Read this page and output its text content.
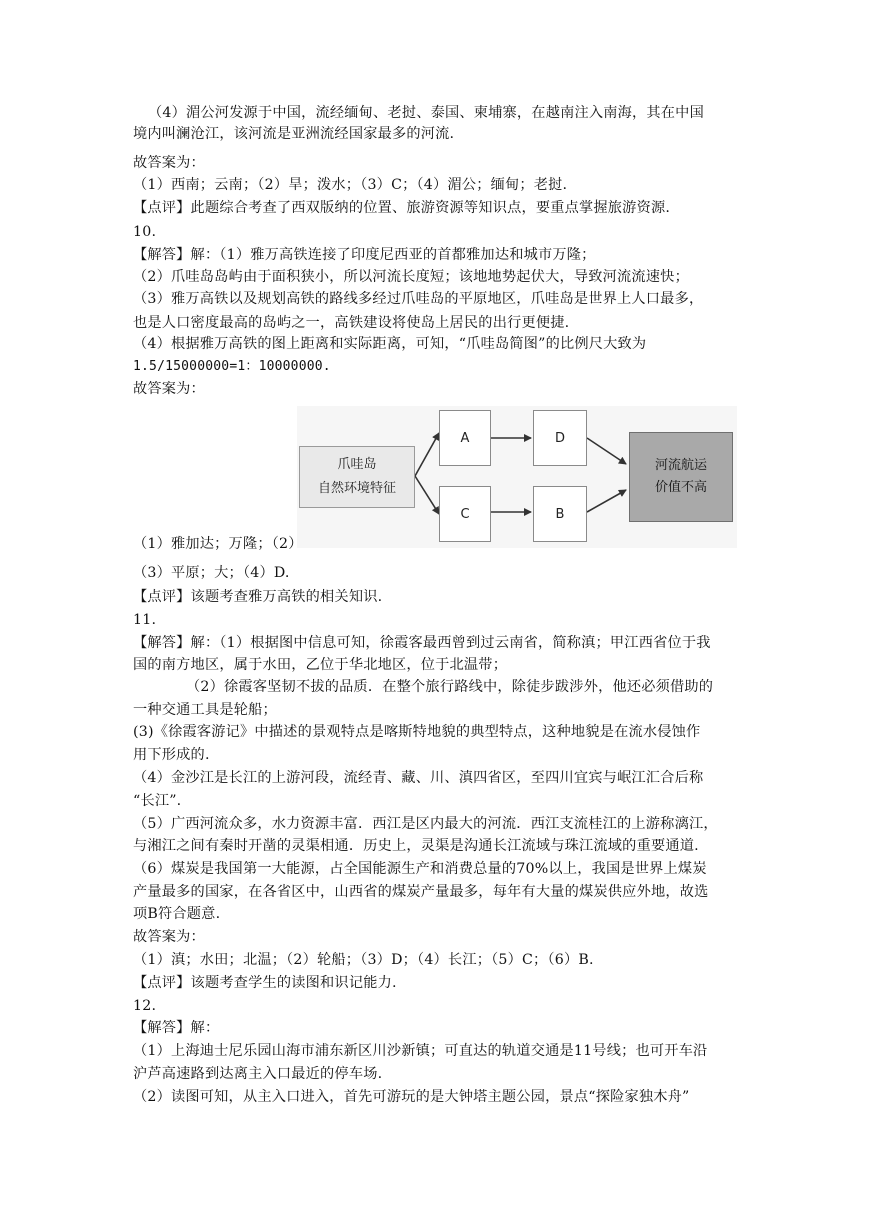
（4）湄公河发源于中国，流经缅甸、老挝、泰国、柬埔寨，在越南注入南海，其在中国
境内叫澜沧江，该河流是亚洲流经国家最多的河流.
故答案为：
（1）西南；云南；（2）旱；泼水；（3）C；（4）湄公；缅甸；老挝.
【点评】此题综合考查了西双版纳的位置、旅游资源等知识点，要重点掌握旅游资源.
10.
【解答】解：（1）雅万高铁连接了印度尼西亚的首都雅加达和城市万隆；
（2）爪哇岛岛屿由于面积狭小，所以河流长度短；该地地势起伏大，导致河流流速快；
（3）雅万高铁以及规划高铁的路线多经过爪哇岛的平原地区，爪哇岛是世界上人口最多，
也是人口密度最高的岛屿之一，高铁建设将使岛上居民的出行更便捷.
（4）根据雅万高铁的图上距离和实际距离，可知，“爪哇岛简图”的比例尺大致为
1.5/15000000=1：10000000.
故答案为：
爪哇岛
自然环境特征
A
C
D
B
河流航运
价值不高
（1）雅加达；万隆；（2）
（3）平原；大；（4）D.
【点评】该题考查雅万高铁的相关知识.
11.
【解答】解：（1）根据图中信息可知，徐霞客最西曾到过云南省，简称滇；甲江西省位于我
国的南方地区，属于水田，乙位于华北地区，位于北温带；
（2）徐霞客坚韧不拔的品质．在整个旅行路线中，除徒步跋涉外，他还必须借助的
一种交通工具是轮船；
(3)《徐霞客游记》中描述的景观特点是喀斯特地貌的典型特点，这种地貌是在流水侵蚀作
用下形成的.
（4）金沙江是长江的上游河段，流经青、藏、川、滇四省区，至四川宜宾与岷江汇合后称
“长江”.
（5）广西河流众多，水力资源丰富．西江是区内最大的河流．西江支流桂江的上游称漓江，
与湘江之间有秦时开凿的灵渠相通．历史上，灵渠是沟通长江流域与珠江流域的重要通道.
（6）煤炭是我国第一大能源，占全国能源生产和消费总量的70%以上，我国是世界上煤炭
产量最多的国家，在各省区中，山西省的煤炭产量最多，每年有大量的煤炭供应外地，故选
项B符合题意.
故答案为：
（1）滇；水田；北温；（2）轮船；（3）D；（4）长江；（5）C；（6）B.
【点评】该题考查学生的读图和识记能力.
12.
【解答】解：
（1）上海迪士尼乐园山海市浦东新区川沙新镇；可直达的轨道交通是11号线；也可开车沿
沪芦高速路到达离主入口最近的停车场.
（2）读图可知，从主入口进入，首先可游玩的是大钟塔主题公园，景点“探险家独木舟”
